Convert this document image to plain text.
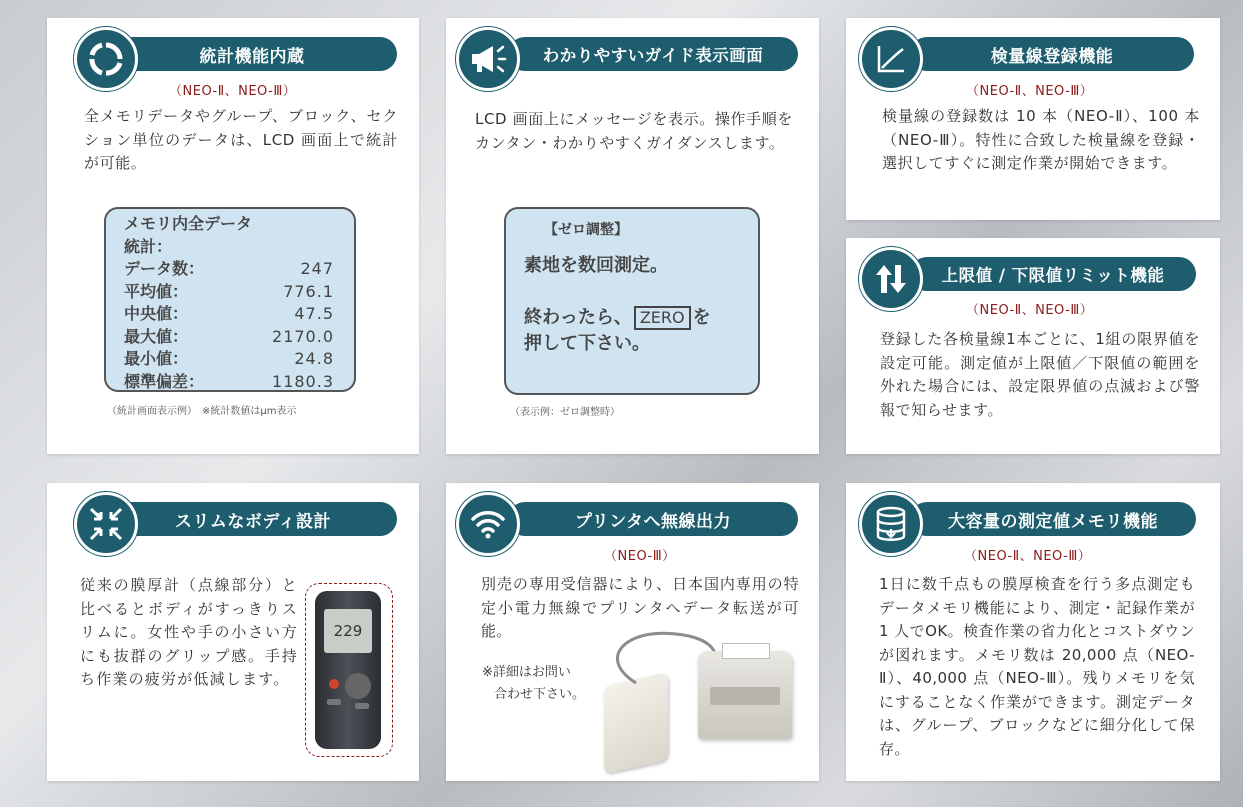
統計機能内蔵
（NEO-Ⅱ、NEO-Ⅲ）
全メモリデータやグループ、ブロック、セクション単位のデータは、LCD 画面上で統計が可能。
メモリ内全データ
統計：
データ数：	247
平均値：	776.1
中央値：	47.5
最大値：	2170.0
最小値：	24.8
標準偏差：	1180.3
（統計画面表示例）　※統計数値はμm表示
わかりやすいガイド表示画面
LCD 画面上にメッセージを表示。操作手順をカンタン・わかりやすくガイダンスします。
【ゼロ調整】
素地を数回測定。
終わったら、 ZERO を
押して下さい。
（表示例：ゼロ調整時）
検量線登録機能
（NEO-Ⅱ、NEO-Ⅲ）
検量線の登録数は 10 本（NEO-Ⅱ）、100 本（NEO-Ⅲ）。特性に合致した検量線を登録・選択してすぐに測定作業が開始できます。
上限値 / 下限値リミット機能
（NEO-Ⅱ、NEO-Ⅲ）
登録した各検量線1本ごとに、1組の限界値を設定可能。測定値が上限値／下限値の範囲を外れた場合には、設定限界値の点滅および警報で知らせます。
スリムなボディ設計
従来の膜厚計（点線部分）と比べるとボディがすっきりスリムに。女性や手の小さい方にも抜群のグリップ感。手持ち作業の疲労が低減します。
229
プリンタへ無線出力
（NEO-Ⅲ）
別売の専用受信器により、日本国内専用の特定小電力無線でプリンタへデータ転送が可能。
※詳細はお問い
合わせ下さい。
大容量の測定値メモリ機能
（NEO-Ⅱ、NEO-Ⅲ）
1日に数千点もの膜厚検査を行う多点測定もデータメモリ機能により、測定・記録作業が 1 人でOK。検査作業の省力化とコストダウンが図れます。メモリ数は 20,000 点（NEO-Ⅱ）、40,000 点（NEO-Ⅲ）。残りメモリを気にすることなく作業ができます。測定データは、グループ、ブロックなどに細分化して保存。
